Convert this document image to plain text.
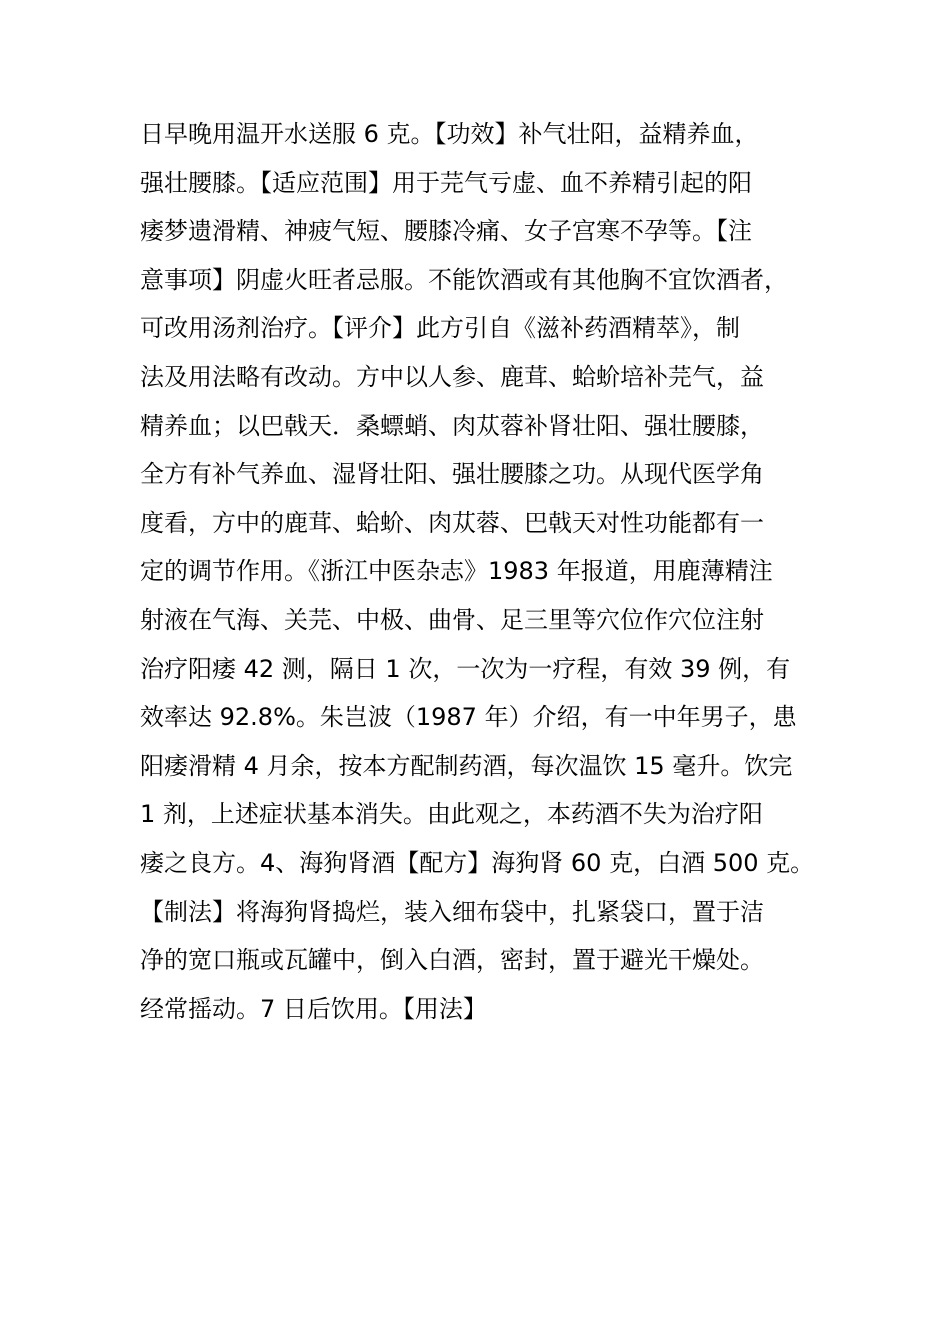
日早晚用温开水送服 6 克。【功效】补气壮阳，益精养血，
强壮腰膝。【适应范围】用于芫气亏虚、血不养精引起的阳
痿梦遗滑精、神疲气短、腰膝冷痛、女子宫寒不孕等。【注
意事项】阴虚火旺者忌服。不能饮酒或有其他胸不宜饮酒者，
可改用汤剂治疗。【评介】此方引自《滋补药酒精萃》，制
法及用法略有改动。方中以人参、鹿茸、蛤蚧培补芫气，益
精养血；以巴戟天．桑螵蛸、肉苁蓉补肾壮阳、强壮腰膝，
全方有补气养血、湿肾壮阳、强壮腰膝之功。从现代医学角
度看，方中的鹿茸、蛤蚧、肉苁蓉、巴戟天对性功能都有一
定的调节作用。《浙江中医杂志》1983 年报道，用鹿薄精注
射液在气海、关芫、中极、曲骨、足三里等穴位作穴位注射
治疗阳痿 42 测，隔日 1 次，一次为一疗程，有效 39 例，有
效率达 92.8%。朱岂波（1987 年）介绍，有一中年男子，患
阳痿滑精 4 月余，按本方配制药酒，每次温饮 15 毫升。饮完
1 剂，上述症状基本消失。由此观之，本药酒不失为治疗阳
痿之良方。4、海狗肾酒【配方】海狗肾 60 克，白酒 500 克。
【制法】将海狗肾捣烂，装入细布袋中，扎紧袋口，置于洁
净的宽口瓶或瓦罐中，倒入白酒，密封，置于避光干燥处。
经常摇动。7 日后饮用。【用法】
